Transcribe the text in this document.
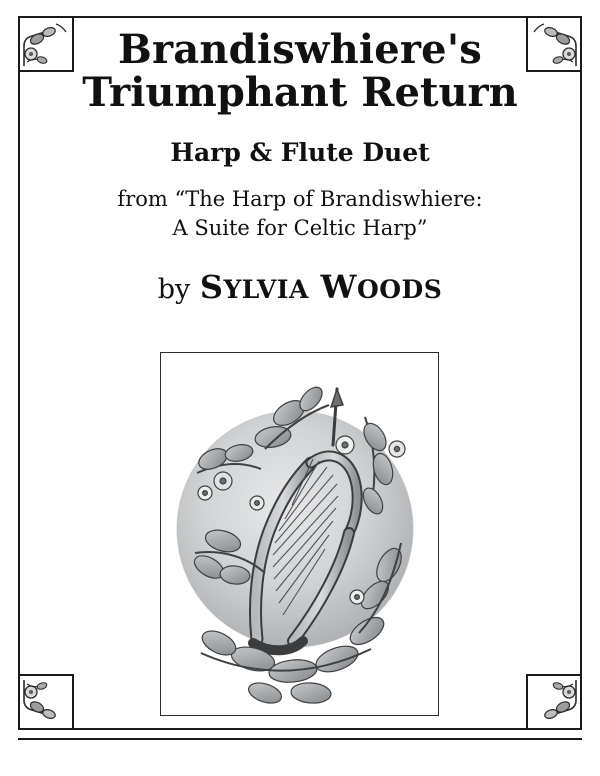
Brandiswhiere's
Triumphant Return
Harp & Flute Duet
from “The Harp of Brandiswhiere:
A Suite for Celtic Harp”
by SYLVIA WOODS
